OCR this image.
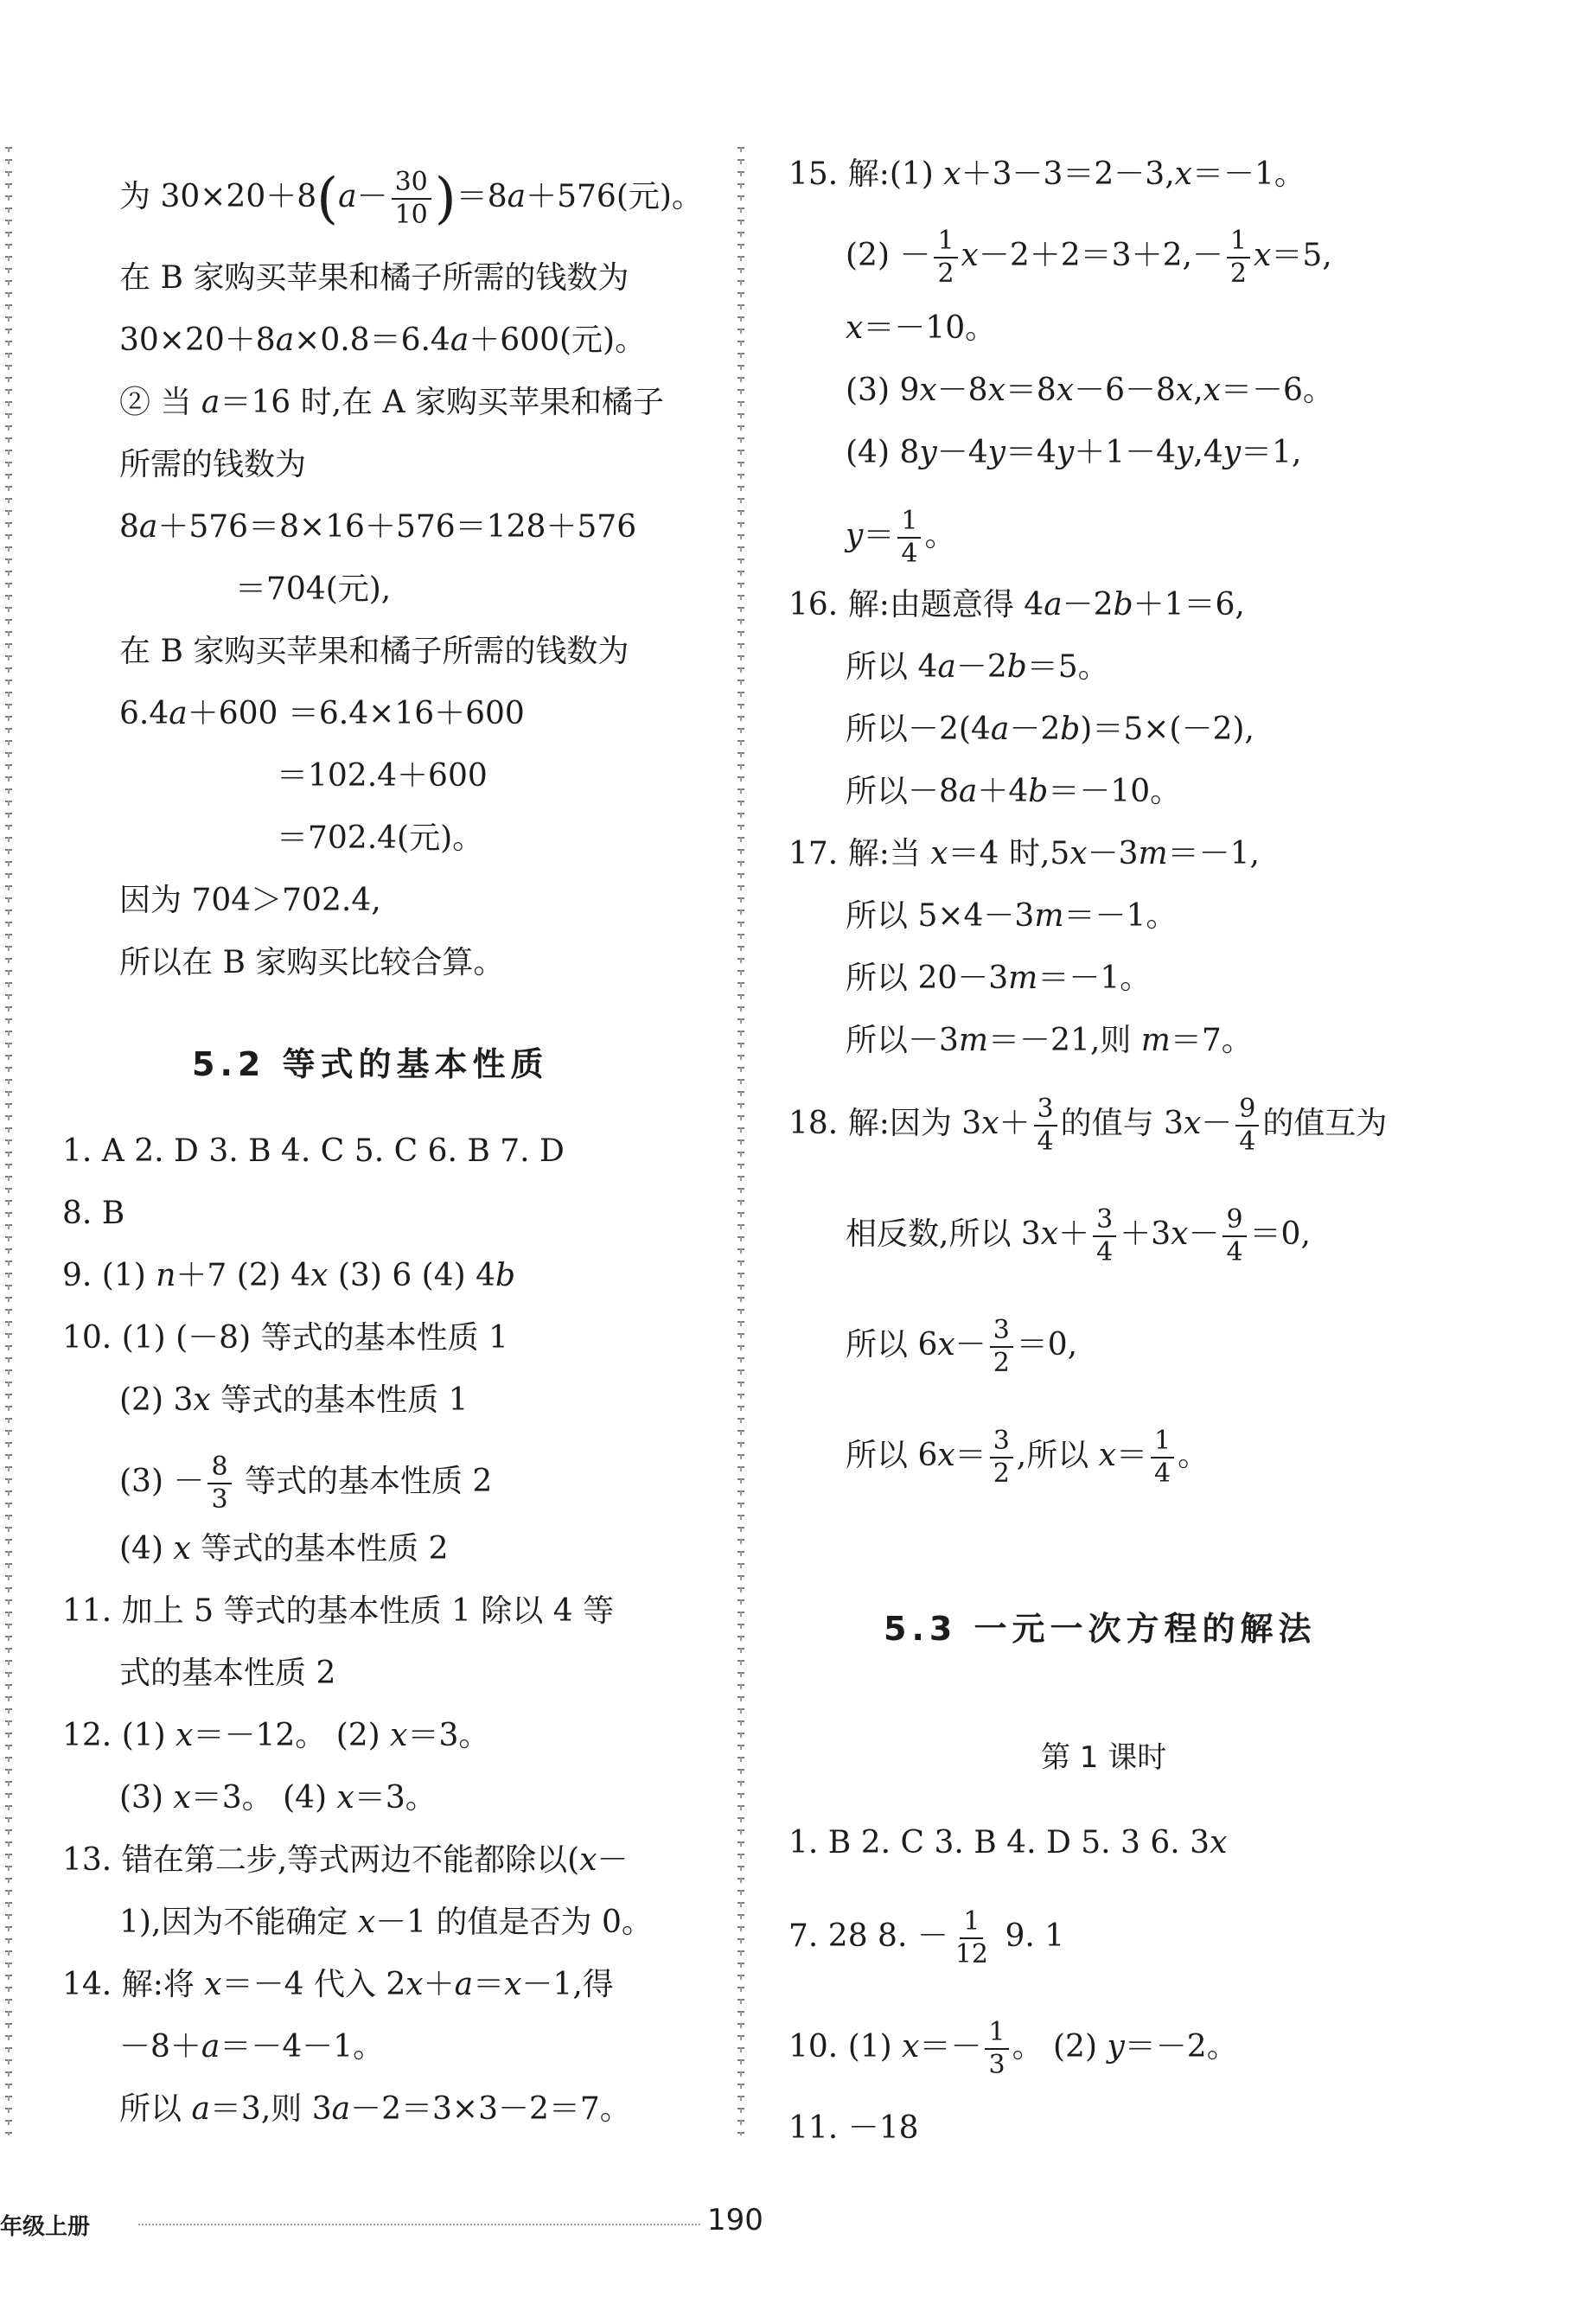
为 $30\times 20+8(a- \frac{30}{10} )=8a+576$(元)。
在 B 家购买苹果和橘子所需的钱数为
30×20＋8a×0.8＝6.4a＋600(元)。
② 当 a＝16 时,在 A 家购买苹果和橘子
所需的钱数为
8a＋576＝8×16＋576＝128＋576
＝704(元),
在 B 家购买苹果和橘子所需的钱数为
6.4a＋600 ＝6.4×16＋600
＝102.4＋600
＝702.4(元)。
因为 704＞702.4,
所以在 B 家购买比较合算。
5.2 等式的基本性质
1. A 2. D 3. B 4. C 5. C 6. B 7. D
8. B
9. (1) n＋7 (2) 4x (3) 6 (4) 4b
10. (1) (－8) 等式的基本性质 1
(2) 3x 等式的基本性质 1
$(3) - \frac{8}{3}$ 等式的基本性质 2
(4) x 等式的基本性质 2
11. 加上 5 等式的基本性质 1 除以 4 等
式的基本性质 2
12. (1) x＝－12。 (2) x＝3。
(3) x＝3。 (4) x＝3。
13. 错在第二步,等式两边不能都除以(x－
1),因为不能确定 x－1 的值是否为 0。
14. 解:将 x＝－4 代入 2x＋a＝x－1,得
－8＋a＝－4－1。
所以 a＝3,则 3a－2＝3×3－2＝7。
15. 解:(1) x＋3－3＝2－3,x＝－1。
$(2) - \frac{1}{2} x-2+2=3+2,- \frac{1}{2} x=5$,
x＝－10。
(3) 9x－8x＝8x－6－8x,x＝－6。
(4) 8y－4y＝4y＋1－4y,4y＝1,
$y= \frac{1}{4}$ 。
16. 解:由题意得 4a－2b＋1＝6,
所以 4a－2b＝5。
所以－2(4a－2b)＝5×(－2),
所以－8a＋4b＝－10。
17. 解:当 x＝4 时,5x－3m＝－1,
所以 5×4－3m＝－1。
所以 20－3m＝－1。
所以－3m＝－21,则 m＝7。
18. 解:因为 $3x+ \frac{3}{4}$ 的值与 $3x- \frac{9}{4}$ 的值互为
相反数,所以 $3x+ \frac{3}{4} +3x- \frac{9}{4} =0$,
所以 $6x- \frac{3}{2} =0$,
所以 $6x= \frac{3}{2}$ ,所以 $x= \frac{1}{4}$ 。
5.3 一元一次方程的解法
第 1 课时
1. B 2. C 3. B 4. D 5. 3 6. 3x
7. 28 8. － $\frac{1}{12} 9$. 1
10. (1) $x=- \frac{1}{3}$ 。 (2) y＝－2。
11. －18
年级上册	190
